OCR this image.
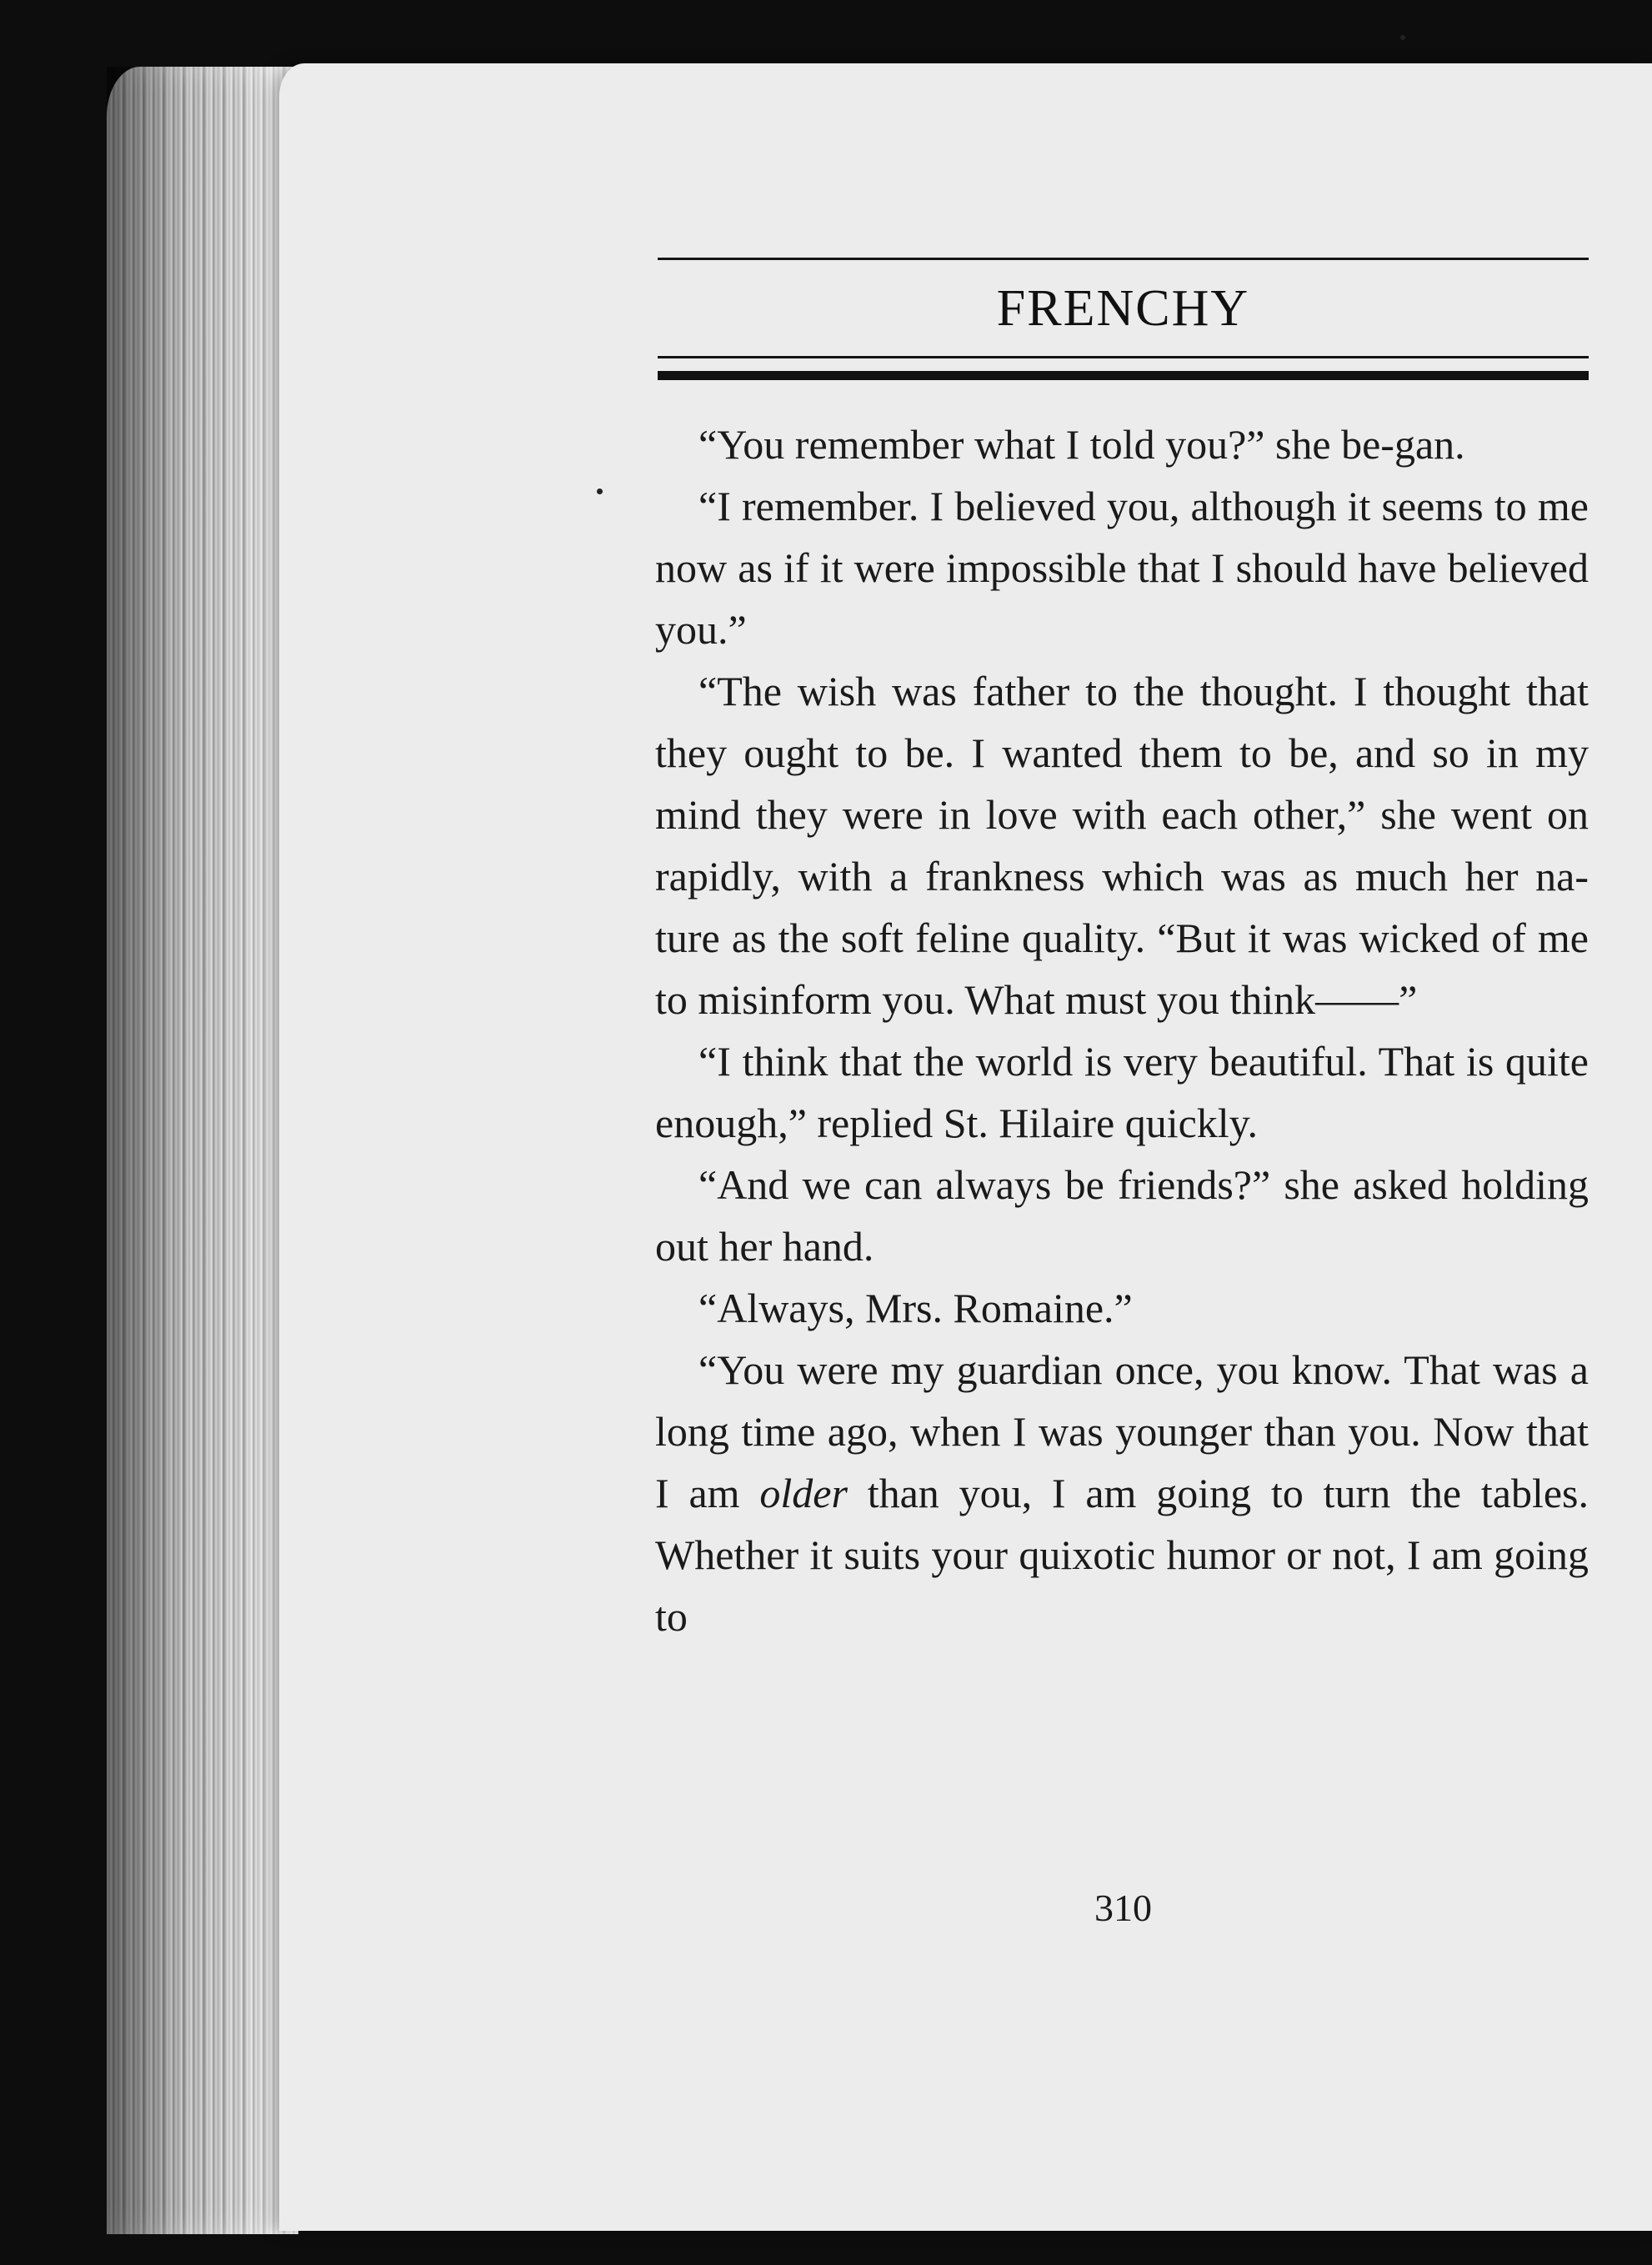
FRENCHY

“You remember what I told you?” she be-gan.

“I remember. I believed you, although it seems to me now as if it were impossible that I should have believed you.”

“The wish was father to the thought. I thought that they ought to be. I wanted them to be, and so in my mind they were in love with each other,” she went on rapidly, with a frankness which was as much her na-ture as the soft feline quality. “But it was wicked of me to misinform you. What must you think——”

“I think that the world is very beautiful. That is quite enough,” replied St. Hilaire quickly.

“And we can always be friends?” she asked holding out her hand.

“Always, Mrs. Romaine.”

“You were my guardian once, you know. That was a long time ago, when I was younger than you. Now that I am older than you, I am going to turn the tables. Whether it suits your quixotic humor or not, I am going to

310
